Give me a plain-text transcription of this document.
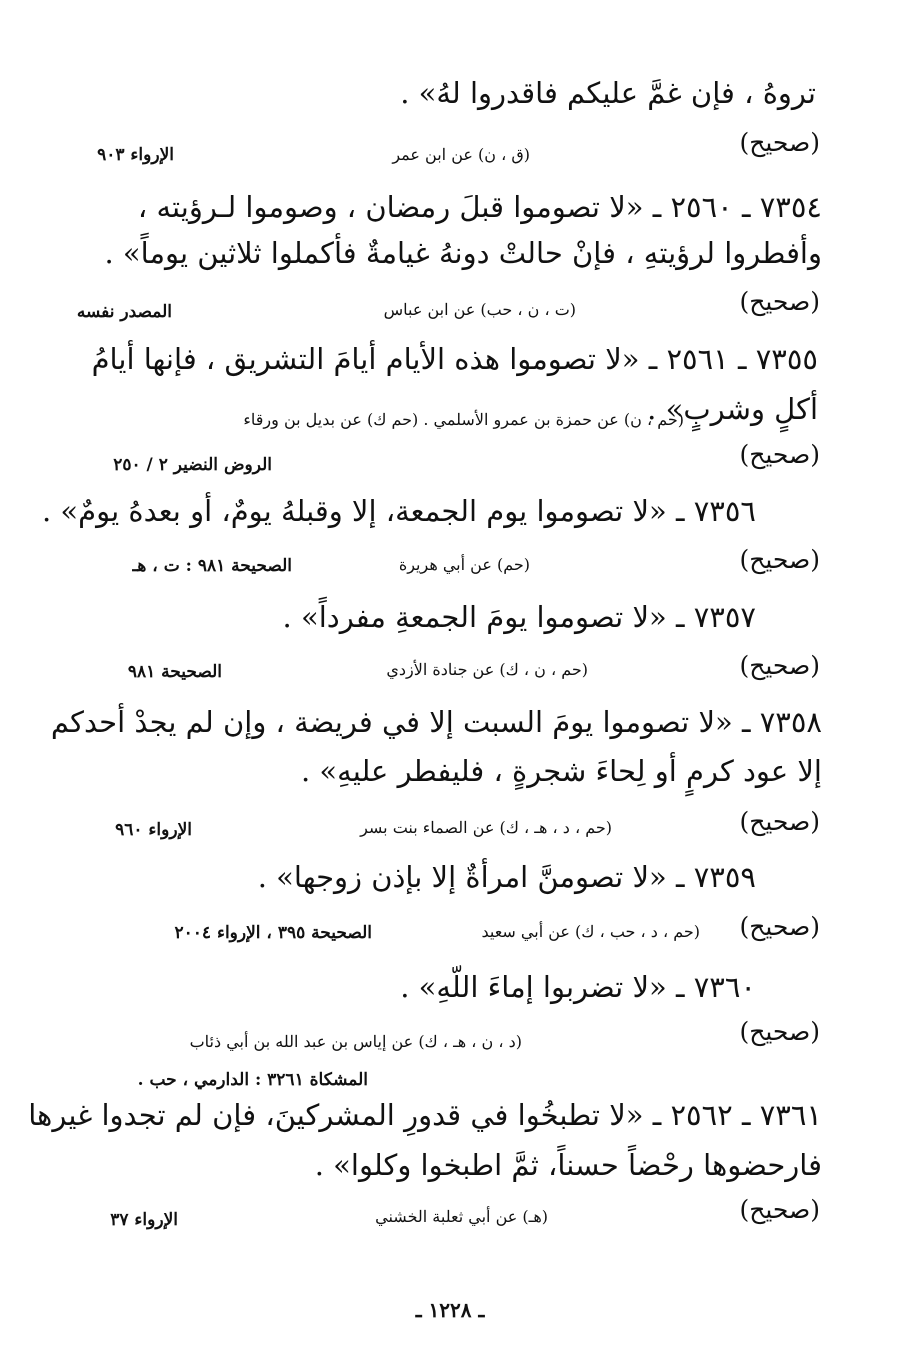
تروهُ ، فإن غمَّ عليكم فاقدروا لهُ» .
(صحيح)
(ق ، ن) عن ابن عمر
الإرواء ٩٠٣
٧٣٥٤ ـ ٢٥٦٠ ـ «لا تصوموا قبلَ رمضان ، وصوموا لـرؤيته ،
وأفطروا لرؤيتهِ ، فإنْ حالتْ دونهُ غيامةٌ فأكملوا ثلاثين يوماً» .
(صحيح)
(ت ، ن ، حب) عن ابن عباس
المصدر نفسه
٧٣٥٥ ـ ٢٥٦١ ـ «لا تصوموا هذه الأيام أيامَ التشريق ، فإنها أيامُ
أكلٍ وشربٍ» .
(حم ، ن) عن حمزة بن عمرو الأسلمي . (حم ك) عن بديل بن ورقاء
(صحيح)
الروض النضير ٢ / ٢٥٠
٧٣٥٦ ـ «لا تصوموا يوم الجمعة، إلا وقبلهُ يومٌ، أو بعدهُ يومٌ» .
(صحيح)
(حم) عن أبي هريرة
الصحيحة ٩٨١ : ت ، هـ
٧٣٥٧ ـ «لا تصوموا يومَ الجمعةِ مفرداً» .
(صحيح)
(حم ، ن ، ك) عن جنادة الأزدي
الصحيحة ٩٨١
٧٣٥٨ ـ «لا تصوموا يومَ السبت إلا في فريضة ، وإن لم يجدْ أحدكم
إلا عود كرمٍ أو لِحاءَ شجرةٍ ، فليفطر عليهِ» .
(صحيح)
(حم ، د ، هـ ، ك) عن الصماء بنت بسر
الإرواء ٩٦٠
٧٣٥٩ ـ «لا تصومنَّ امرأةٌ إلا بإذن زوجها» .
(صحيح)
(حم ، د ، حب ، ك) عن أبي سعيد
الصحيحة ٣٩٥ ، الإرواء ٢٠٠٤
٧٣٦٠ ـ «لا تضربوا إماءَ اللّهِ» .
(صحيح)
(د ، ن ، هـ ، ك) عن إياس بن عبد الله بن أبي ذئاب
المشكاة ٣٢٦١ : الدارمي ، حب .
٧٣٦١ ـ ٢٥٦٢ ـ «لا تطبخُوا في قدورِ المشركينَ، فإن لم تجدوا غيرها
فارحضوها رحْضاً حسناً، ثمَّ اطبخوا وكلوا» .
(صحيح)
(هـ) عن أبي ثعلبة الخشني
الإرواء ٣٧
ـ ١٢٢٨ ـ
